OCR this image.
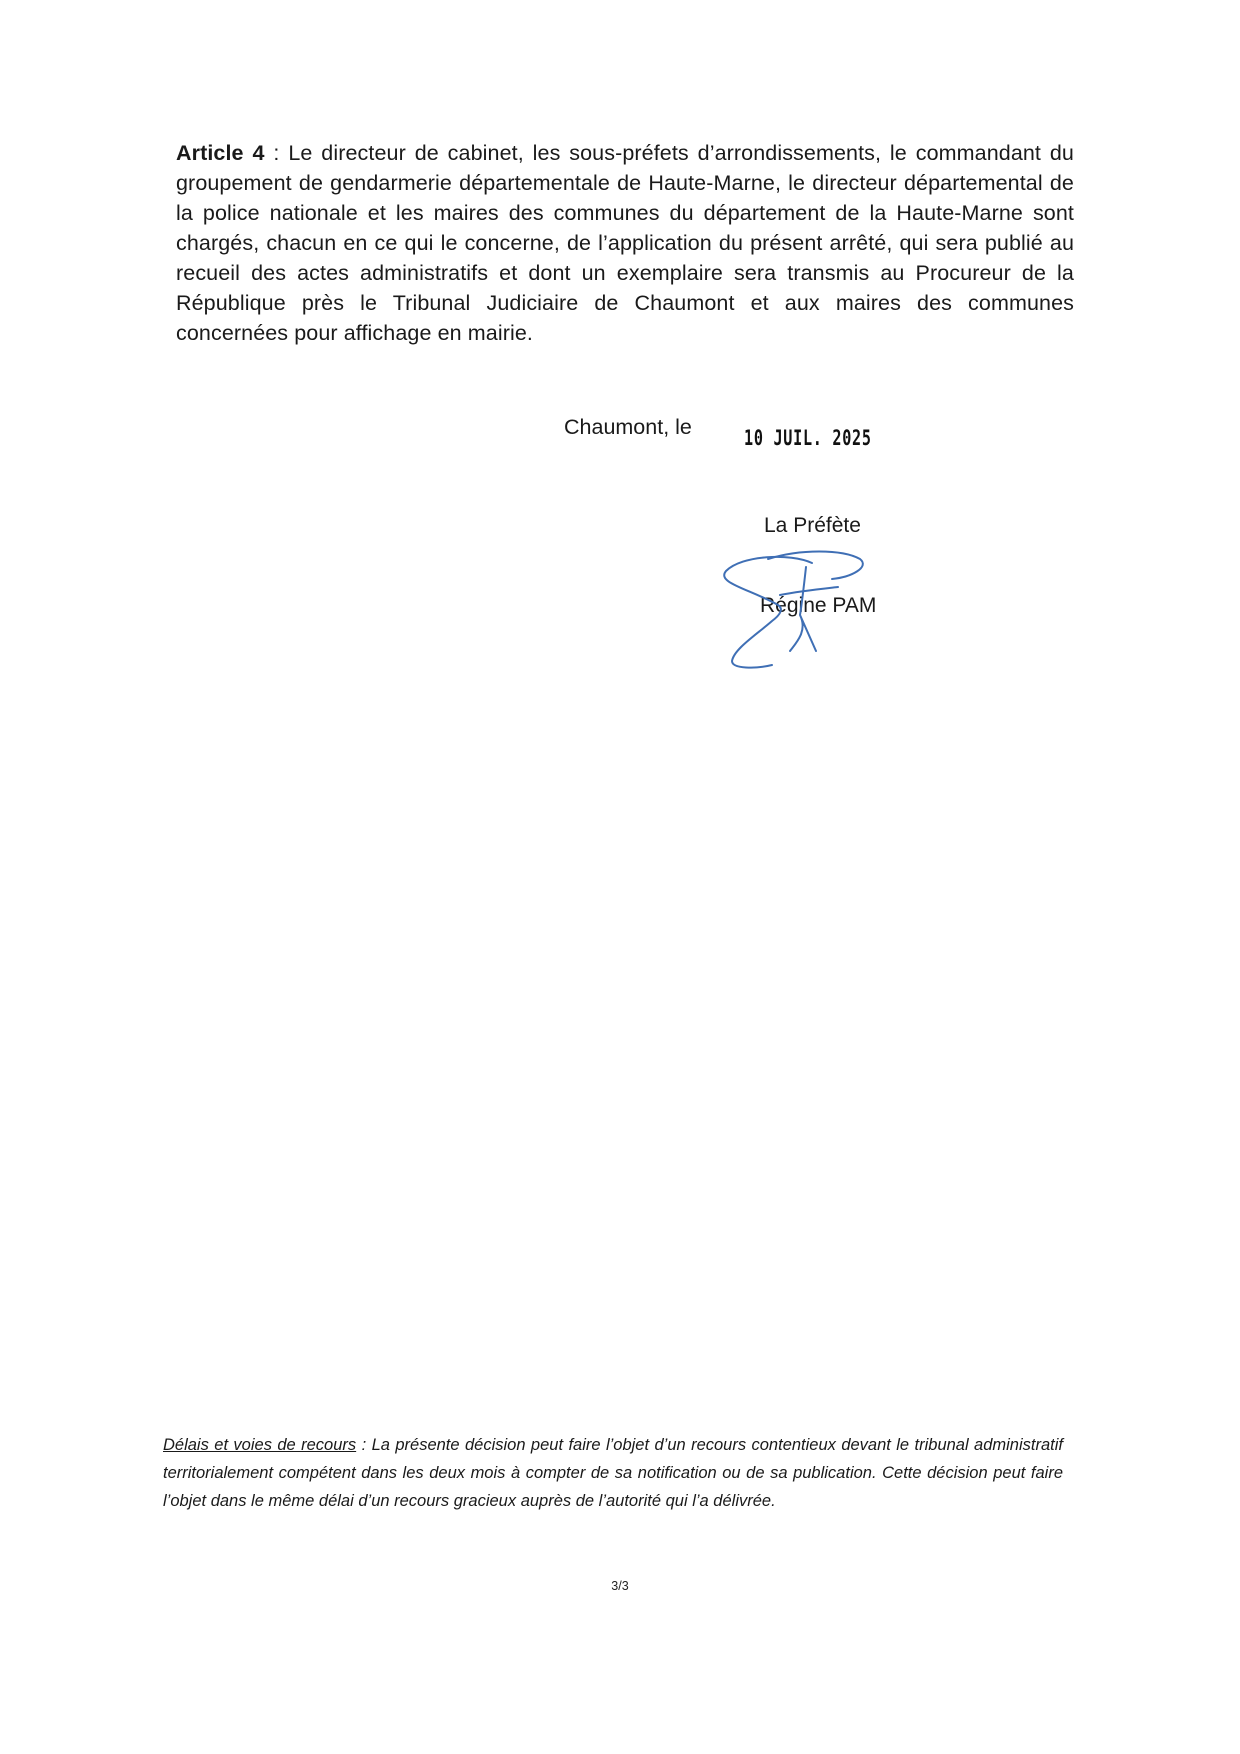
Article 4 : Le directeur de cabinet, les sous-préfets d’arrondissements, le commandant du groupement de gendarmerie départementale de Haute-Marne, le directeur départemental de la police nationale et les maires des communes du département de la Haute-Marne sont chargés, chacun en ce qui le concerne, de l’application du présent arrêté, qui sera publié au recueil des actes administratifs et dont un exemplaire sera transmis au Procureur de la République près le Tribunal Judiciaire de Chaumont et aux maires des communes concernées pour affichage en mairie.

Chaumont, le 10 JUIL. 2025
La Préfète
Régine PAM

Délais et voies de recours : La présente décision peut faire l’objet d’un recours contentieux devant le tribunal administratif territorialement compétent dans les deux mois à compter de sa notification ou de sa publication. Cette décision peut faire l’objet dans le même délai d’un recours gracieux auprès de l’autorité qui l’a délivrée.

3/3
